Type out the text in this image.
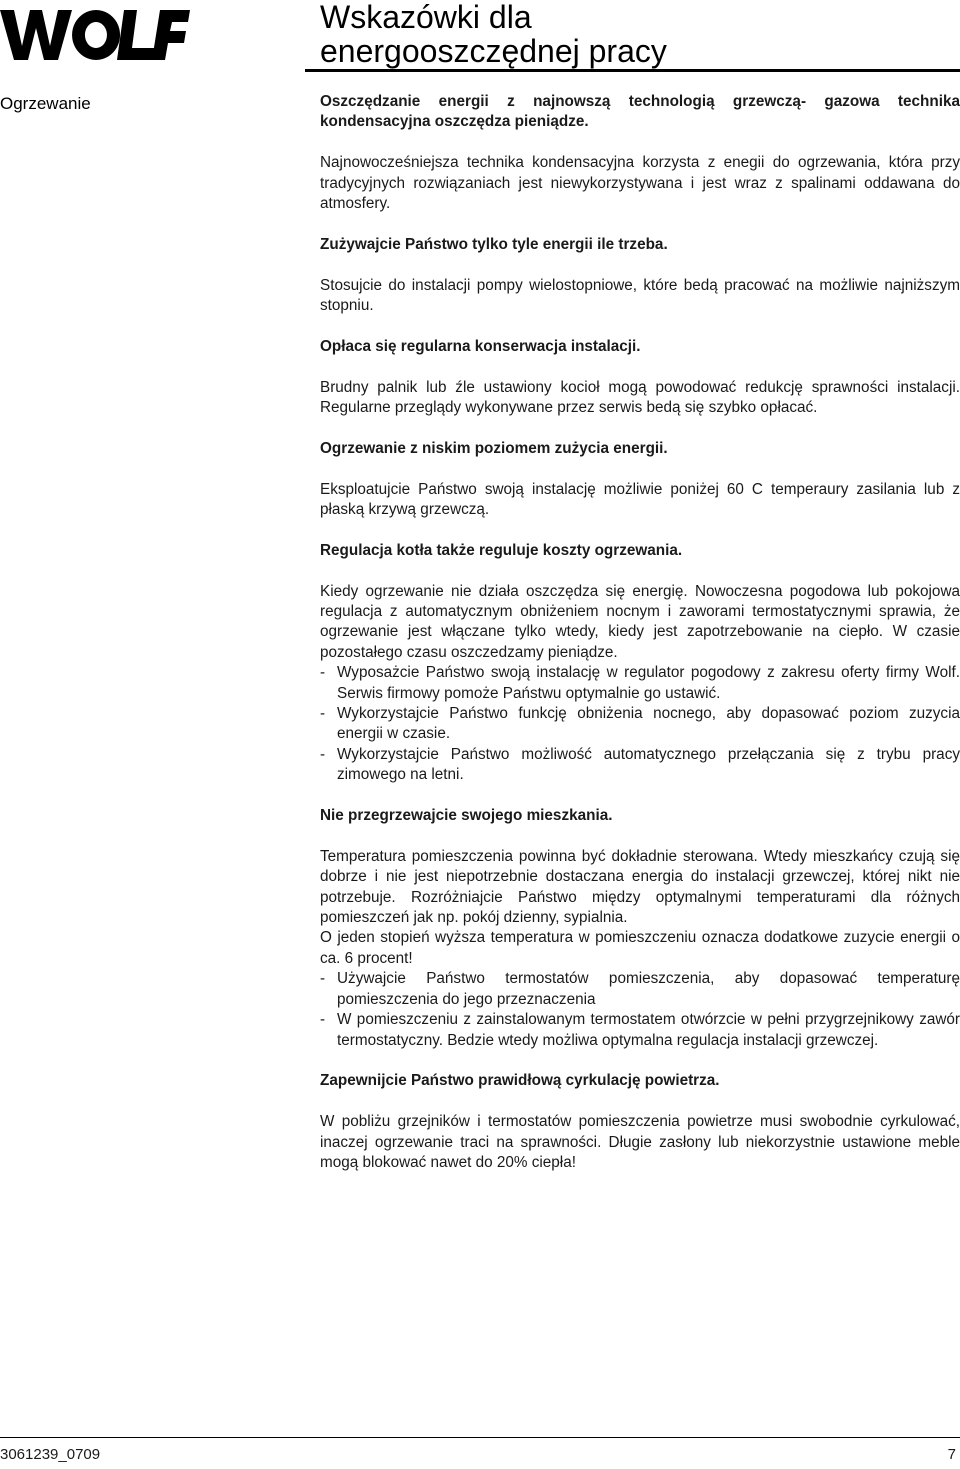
Wskazówki dla
energooszczędnej pracy
Ogrzewanie	Oszczędzanie energii z najnowszą technologią grzewczą- gazowa technika kondensacyjna oszczędza pieniądze.

Najnowocześniejsza technika kondensacyjna korzysta z enegii do ogrzewania, która przy tradycyjnych rozwiązaniach jest niewykorzystywana i jest wraz z spalinami oddawana do atmosfery.

Zużywajcie Państwo tylko tyle energii ile trzeba.

Stosujcie do instalacji pompy wielostopniowe, które bedą pracować na możliwie najniższym stopniu.

Opłaca się regularna konserwacja instalacji.

Brudny palnik lub źle ustawiony kocioł mogą powodować redukcję sprawności instalacji. Regularne przeglądy wykonywane przez serwis bedą się szybko opłacać.

Ogrzewanie z niskim poziomem zużycia energii.

Eksploatujcie Państwo swoją instalację możliwie poniżej 60 C temperaury zasilania lub z płaską krzywą grzewczą.

Regulacja kotła także reguluje koszty ogrzewania.

Kiedy ogrzewanie nie działa oszczędza się energię. Nowoczesna pogodowa lub pokojowa regulacja z automatycznym obniżeniem nocnym i zaworami termostatycznymi sprawia, że ogrzewanie jest włączane tylko wtedy, kiedy jest zapotrzebowanie na ciepło. W czasie pozostałego czasu oszczedzamy pieniądze.

- Wyposażcie Państwo swoją instalację w regulator pogodowy z zakresu oferty firmy Wolf. Serwis firmowy pomoże Państwu optymalnie go ustawić.
- Wykorzystajcie Państwo funkcję obniżenia nocnego, aby dopasować poziom zuzycia energii w czasie.
- Wykorzystajcie Państwo możliwość automatycznego przełączania się z trybu pracy zimowego na letni.

Nie przegrzewajcie swojego mieszkania.

Temperatura pomieszczenia powinna być dokładnie sterowana. Wtedy mieszkańcy czują się dobrze i nie jest niepotrzebnie dostaczana energia do instalacji grzewczej, której nikt nie potrzebuje. Rozróżniajcie Państwo między optymalnymi temperaturami dla różnych pomieszczeń jak np. pokój dzienny, sypialnia.

O jeden stopień wyższa temperatura w pomieszczeniu oznacza dodatkowe zuzycie energii o ca. 6 procent!

- Używajcie Państwo termostatów pomieszczenia, aby dopasować temperaturę pomieszczenia do jego przeznaczenia
- W pomieszczeniu z zainstalowanym termostatem otwórzcie w pełni przygrzejnikowy zawór termostatyczny. Bedzie wtedy możliwa optymalna regulacja instalacji grzewczej.

Zapewnijcie Państwo prawidłową cyrkulację powietrza.

W pobliżu grzejników i termostatów pomieszczenia powietrze musi swobodnie cyrkulować, inaczej ogrzewanie traci na sprawności. Długie zasłony lub niekorzystnie ustawione meble mogą blokować nawet do 20% ciepła!

3061239_0709	7
